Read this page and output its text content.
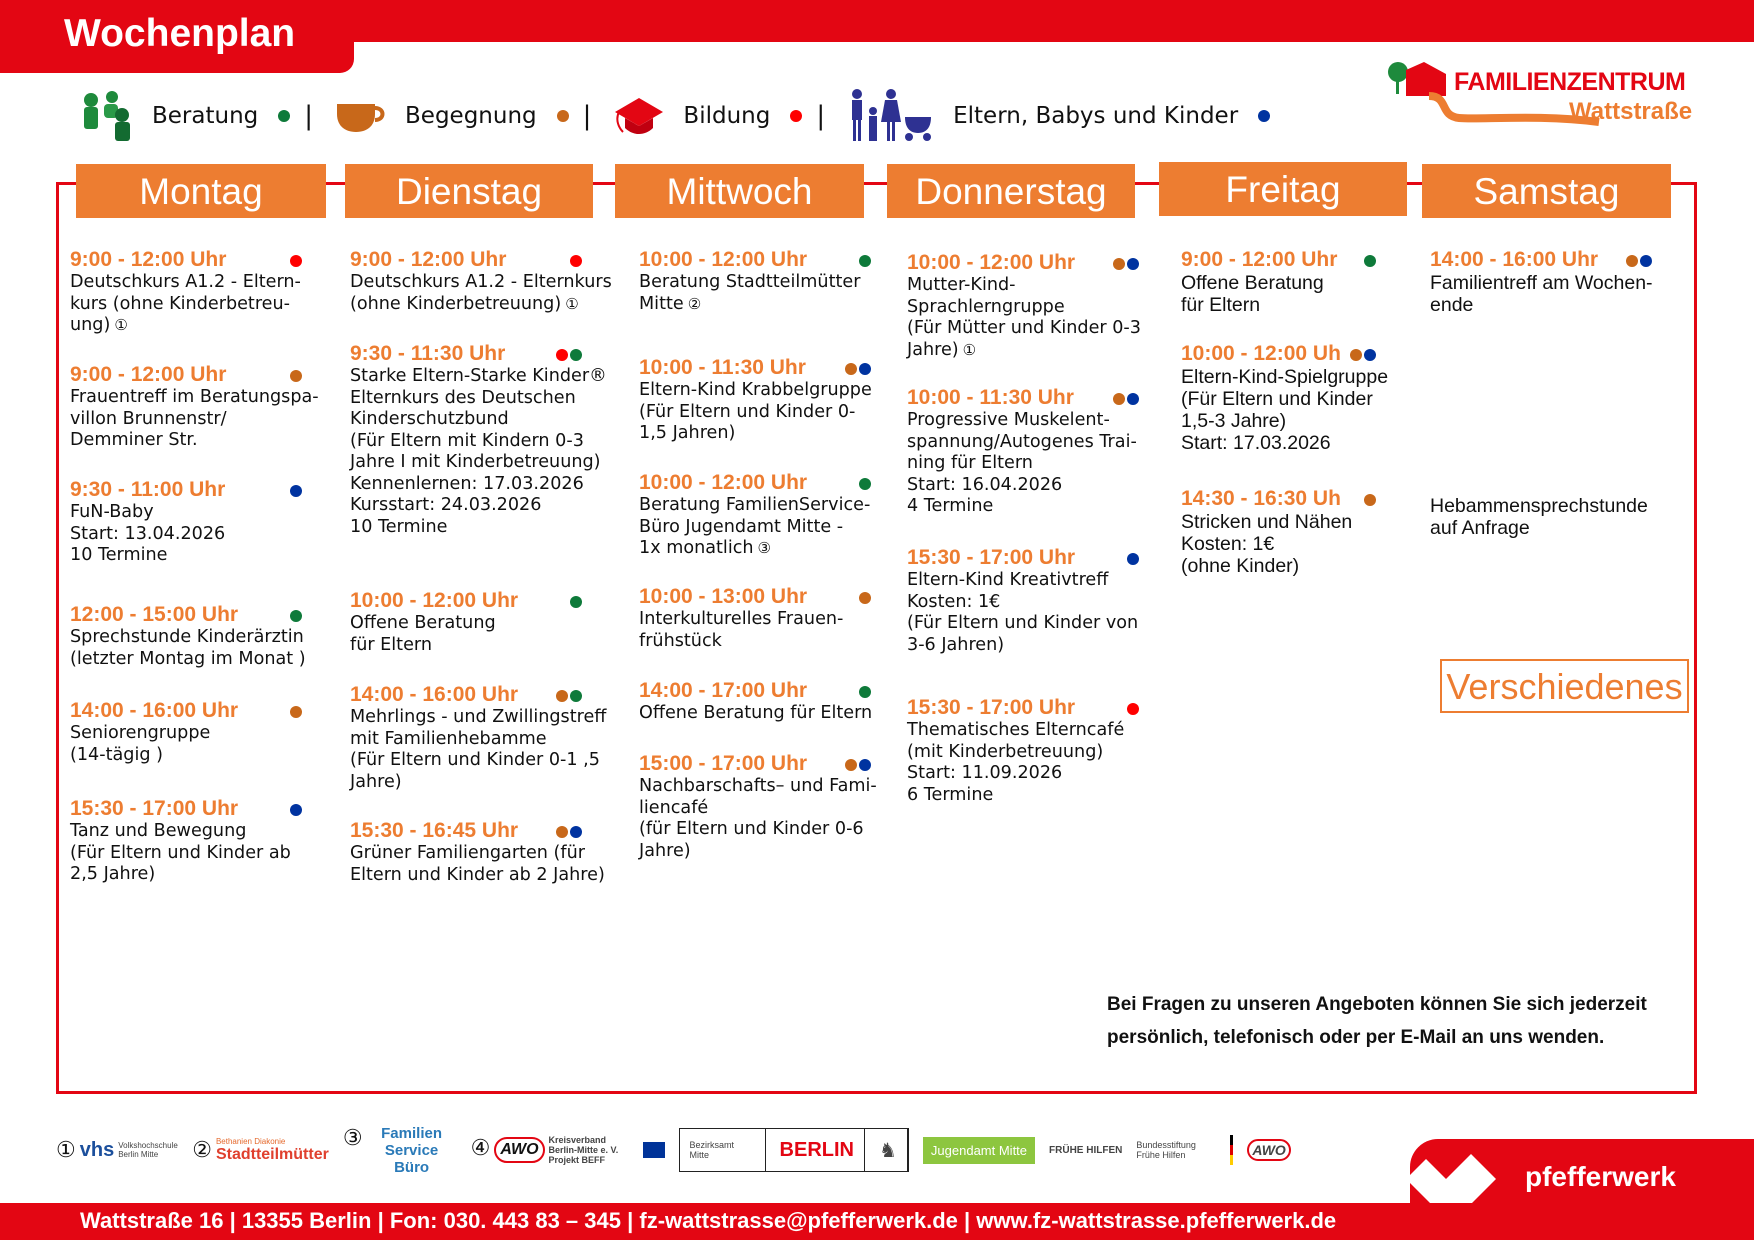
Wochenplan
Beratung |	Begegnung |	Bildung |	Eltern, Babys und Kinder
FAMILIENZENTRUM
Wattstraße
Montag
9:00 - 12:00 Uhr
Deutschkurs A1.2 - Eltern-
kurs (ohne Kinderbetreu-
ung) ①
9:00 - 12:00 Uhr
Frauentreff im Beratungspa-
villon Brunnenstr/
Demminer Str.
9:30 - 11:00 Uhr
FuN-Baby
Start: 13.04.2026
10 Termine
12:00 - 15:00 Uhr
Sprechstunde Kinderärztin
(letzter Montag im Monat )
14:00 - 16:00 Uhr
Seniorengruppe
(14-tägig )
15:30 - 17:00 Uhr
Tanz und Bewegung
(Für Eltern und Kinder ab
2,5 Jahre)
Dienstag
9:00 - 12:00 Uhr
Deutschkurs A1.2 - Elternkurs
(ohne Kinderbetreuung) ①
9:30 - 11:30 Uhr
Starke Eltern-Starke Kinder®
Elternkurs des Deutschen
Kinderschutzbund
(Für Eltern mit Kindern 0-3
Jahre I mit Kinderbetreuung)
Kennenlernen: 17.03.2026
Kursstart: 24.03.2026
10 Termine
10:00 - 12:00 Uhr
Offene Beratung
für Eltern
14:00 - 16:00 Uhr
Mehrlings - und Zwillingstreff
mit Familienhebamme
(Für Eltern und Kinder 0-1 ,5
Jahre)
15:30 - 16:45 Uhr
Grüner Familiengarten (für
Eltern und Kinder ab 2 Jahre)
Mittwoch
10:00 - 12:00 Uhr
Beratung Stadtteilmütter
Mitte ②
10:00 - 11:30 Uhr
Eltern-Kind Krabbelgruppe
(Für Eltern und Kinder 0-
1,5 Jahren)
10:00 - 12:00 Uhr
Beratung FamilienService-
Büro Jugendamt Mitte -
1x monatlich ③
10:00 - 13:00 Uhr
Interkulturelles Frauen-
frühstück
14:00 - 17:00 Uhr
Offene Beratung für Eltern
15:00 - 17:00 Uhr
Nachbarschafts– und Fami-
liencafé
(für Eltern und Kinder 0-6
Jahre)
Donnerstag
10:00 - 12:00 Uhr
Mutter-Kind-
Sprachlerngruppe
(Für Mütter und Kinder 0-3
Jahre) ①
10:00 - 11:30 Uhr
Progressive Muskelent-
spannung/Autogenes Trai-
ning für Eltern
Start: 16.04.2026
4 Termine
15:30 - 17:00 Uhr
Eltern-Kind Kreativtreff
Kosten: 1€
(Für Eltern und Kinder von
3-6 Jahren)
15:30 - 17:00 Uhr
Thematisches Elterncafé
(mit Kinderbetreuung)
Start: 11.09.2026
6 Termine
Freitag
9:00 - 12:00 Uhr
Offene Beratung
für Eltern
10:00 - 12:00 Uh
Eltern-Kind-Spielgruppe
(Für Eltern und Kinder
1,5-3 Jahre)
Start: 17.03.2026
14:30 - 16:30 Uh
Stricken und Nähen
Kosten: 1€
(ohne Kinder)
Samstag
14:00 - 16:00 Uhr
Familientreff am Wochen-
ende
Hebammensprechstunde
auf Anfrage
Verschiedenes
Bei Fragen zu unseren Angeboten können Sie sich jederzeit
persönlich, telefonisch oder per E-Mail an uns wenden.
① vhs Volkshochschule Berlin Mitte	② Bethanien Diakonie
Stadtteilmütter
③	Familien Service Büro
④ AWO
Kreisverband Berlin-Mitte e. V. Projekt BEFF
Bezirksamt Mitte	BERLIN	♞	Jugendamt Mitte	FRÜHE HILFEN Bundesstiftung Frühe Hilfen	AWO
pfefferwerk
Wattstraße 16 | 13355 Berlin | Fon: 030. 443 83 – 345 | fz-wattstrasse@pfefferwerk.de | www.fz-wattstrasse.pfefferwerk.de
